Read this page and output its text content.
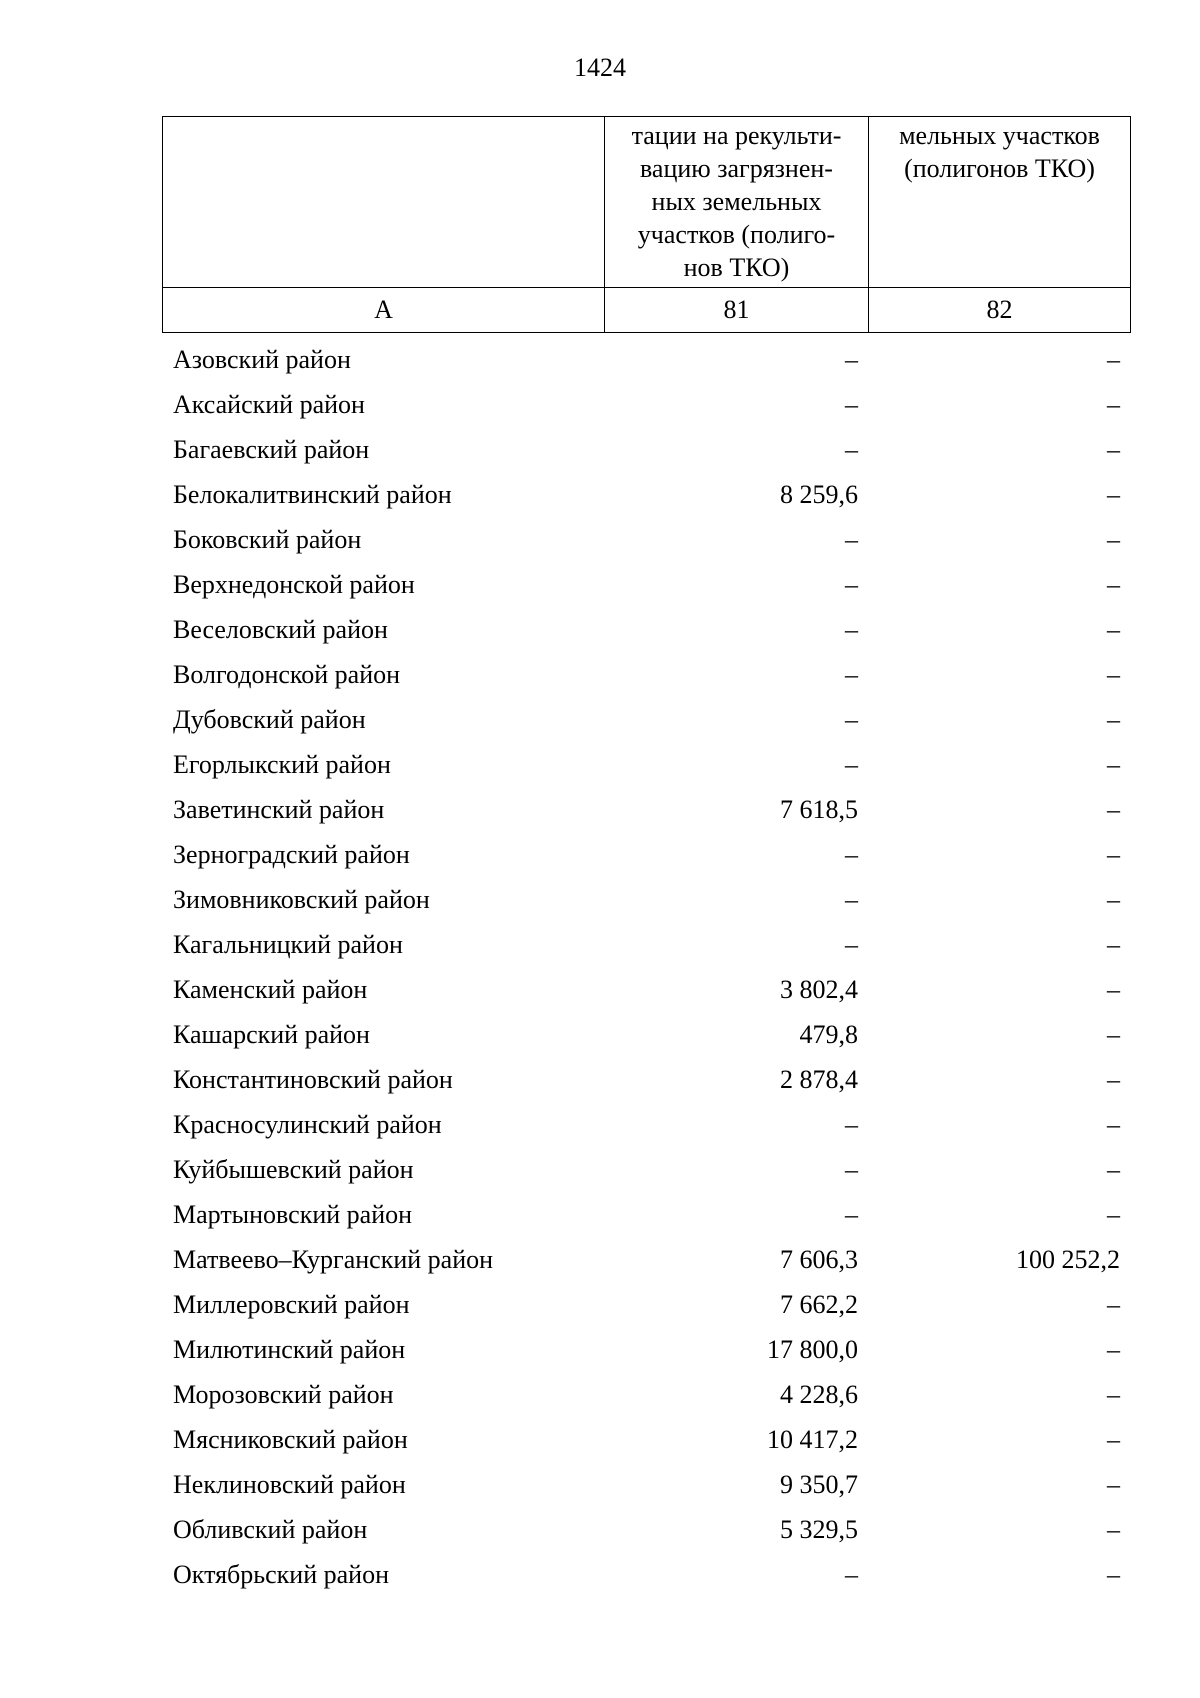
1424
	тации на рекульти-
вацию загрязнен-
ных земельных
участков (полиго-
нов ТКО)	мельных участков
(полигонов ТКО)
А	81	82
Азовский район	–	–
Аксайский район	–	–
Багаевский район	–	–
Белокалитвинский район	8 259,6	–
Боковский район	–	–
Верхнедонской район	–	–
Веселовский район	–	–
Волгодонской район	–	–
Дубовский район	–	–
Егорлыкский район	–	–
Заветинский район	7 618,5	–
Зерноградский район	–	–
Зимовниковский район	–	–
Кагальницкий район	–	–
Каменский район	3 802,4	–
Кашарский район	479,8	–
Константиновский район	2 878,4	–
Красносулинский район	–	–
Куйбышевский район	–	–
Мартыновский район	–	–
Матвеево–Курганский район	7 606,3	100 252,2
Миллеровский район	7 662,2	–
Милютинский район	17 800,0	–
Морозовский район	4 228,6	–
Мясниковский район	10 417,2	–
Неклиновский район	9 350,7	–
Обливский район	5 329,5	–
Октябрьский район	–	–
